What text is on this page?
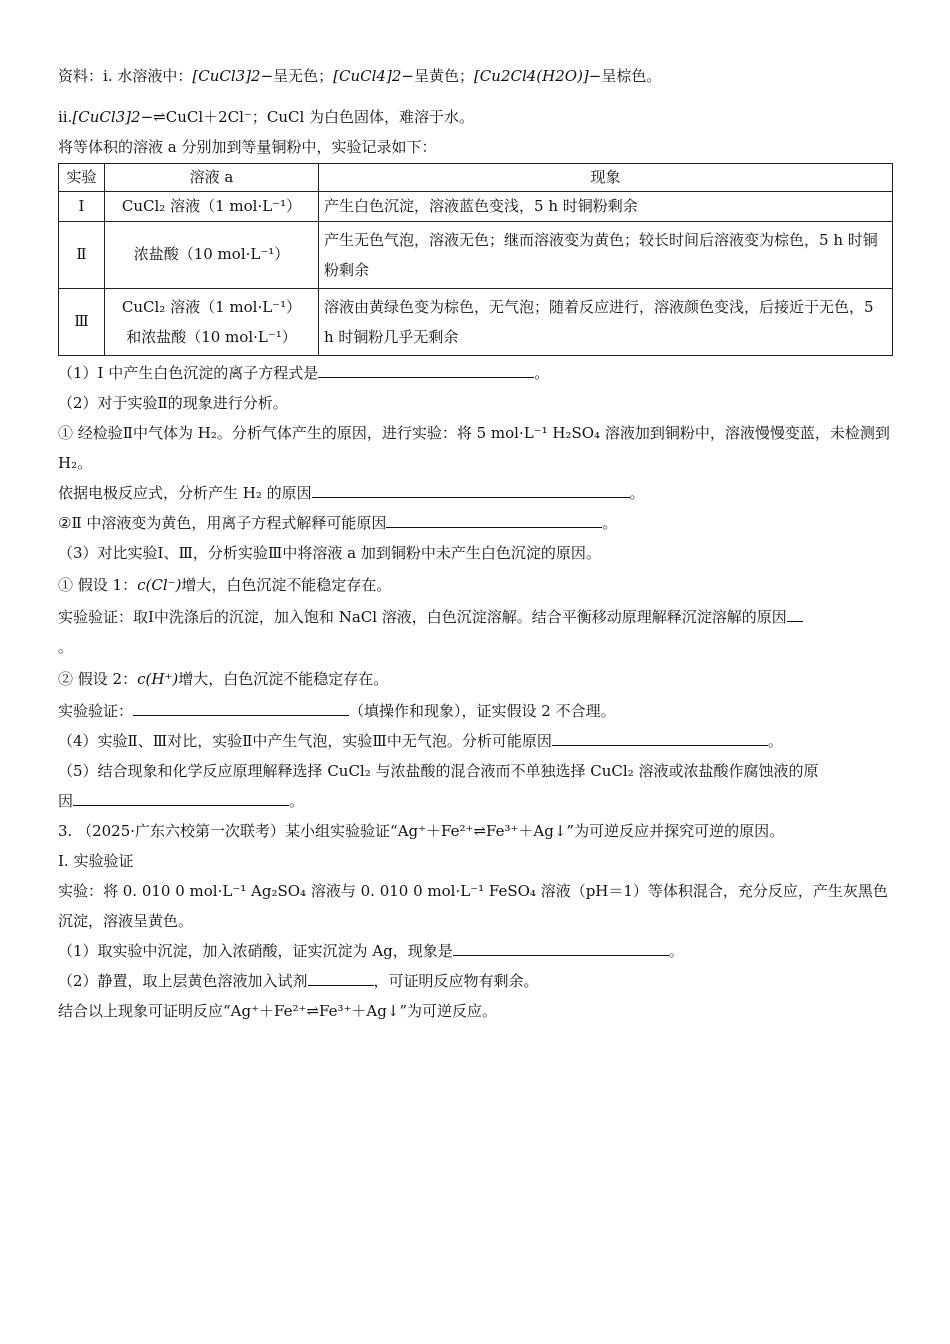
资料：ⅰ. 水溶液中：[CuCl3]2−呈无色；[CuCl4]2−呈黄色；[Cu2Cl4(H2O)]−呈棕色。

ii.[CuCl3]2−⇌CuCl＋2Cl⁻；CuCl 为白色固体，难溶于水。

将等体积的溶液 a 分别加到等量铜粉中，实验记录如下：

实验	溶液 a	现象
Ⅰ	CuCl₂ 溶液（1 mol·L⁻¹）	产生白色沉淀，溶液蓝色变浅，5 h 时铜粉剩余
Ⅱ	浓盐酸（10 mol·L⁻¹）	产生无色气泡，溶液无色；继而溶液变为黄色；较长时间后溶液变为棕色，5 h 时铜粉剩余
Ⅲ	CuCl₂ 溶液（1 mol·L⁻¹）
和浓盐酸（10 mol·L⁻¹）	溶液由黄绿色变为棕色，无气泡；随着反应进行，溶液颜色变浅，后接近于无色，5 h 时铜粉几乎无剩余

（1）Ⅰ 中产生白色沉淀的离子方程式是	。

（2）对于实验Ⅱ的现象进行分析。

① 经检验Ⅱ中气体为 H₂。分析气体产生的原因，进行实验：将 5 mol·L⁻¹ H₂SO₄ 溶液加到铜粉中，溶液慢慢变蓝，未检测到 H₂。

依据电极反应式，分析产生 H₂ 的原因	。

②Ⅱ 中溶液变为黄色，用离子方程式解释可能原因	。

（3）对比实验Ⅰ、Ⅲ，分析实验Ⅲ中将溶液 a 加到铜粉中未产生白色沉淀的原因。

① 假设 1：c(Cl⁻)增大，白色沉淀不能稳定存在。

实验验证：取Ⅰ中洗涤后的沉淀，加入饱和 NaCl 溶液，白色沉淀溶解。结合平衡移动原理解释沉淀溶解的原因
。

② 假设 2：c(H⁺)增大，白色沉淀不能稳定存在。

实验验证：	（填操作和现象），证实假设 2 不合理。

（4）实验Ⅱ、Ⅲ对比，实验Ⅱ中产生气泡，实验Ⅲ中无气泡。分析可能原因	。

（5）结合现象和化学反应原理解释选择 CuCl₂ 与浓盐酸的混合液而不单独选择 CuCl₂ 溶液或浓盐酸作腐蚀液的原

因	。

3. （2025·广东六校第一次联考）某小组实验验证“Ag⁺＋Fe²⁺⇌Fe³⁺＋Ag↓”为可逆反应并探究可逆的原因。

I. 实验验证

实验：将 0. 010 0 mol·L⁻¹ Ag₂SO₄ 溶液与 0. 010 0 mol·L⁻¹ FeSO₄ 溶液（pH＝1）等体积混合，充分反应，产生灰黑色沉淀，溶液呈黄色。

（1）取实验中沉淀，加入浓硝酸，证实沉淀为 Ag，现象是	。

（2）静置，取上层黄色溶液加入试剂	，可证明反应物有剩余。

结合以上现象可证明反应“Ag⁺＋Fe²⁺⇌Fe³⁺＋Ag↓”为可逆反应。
